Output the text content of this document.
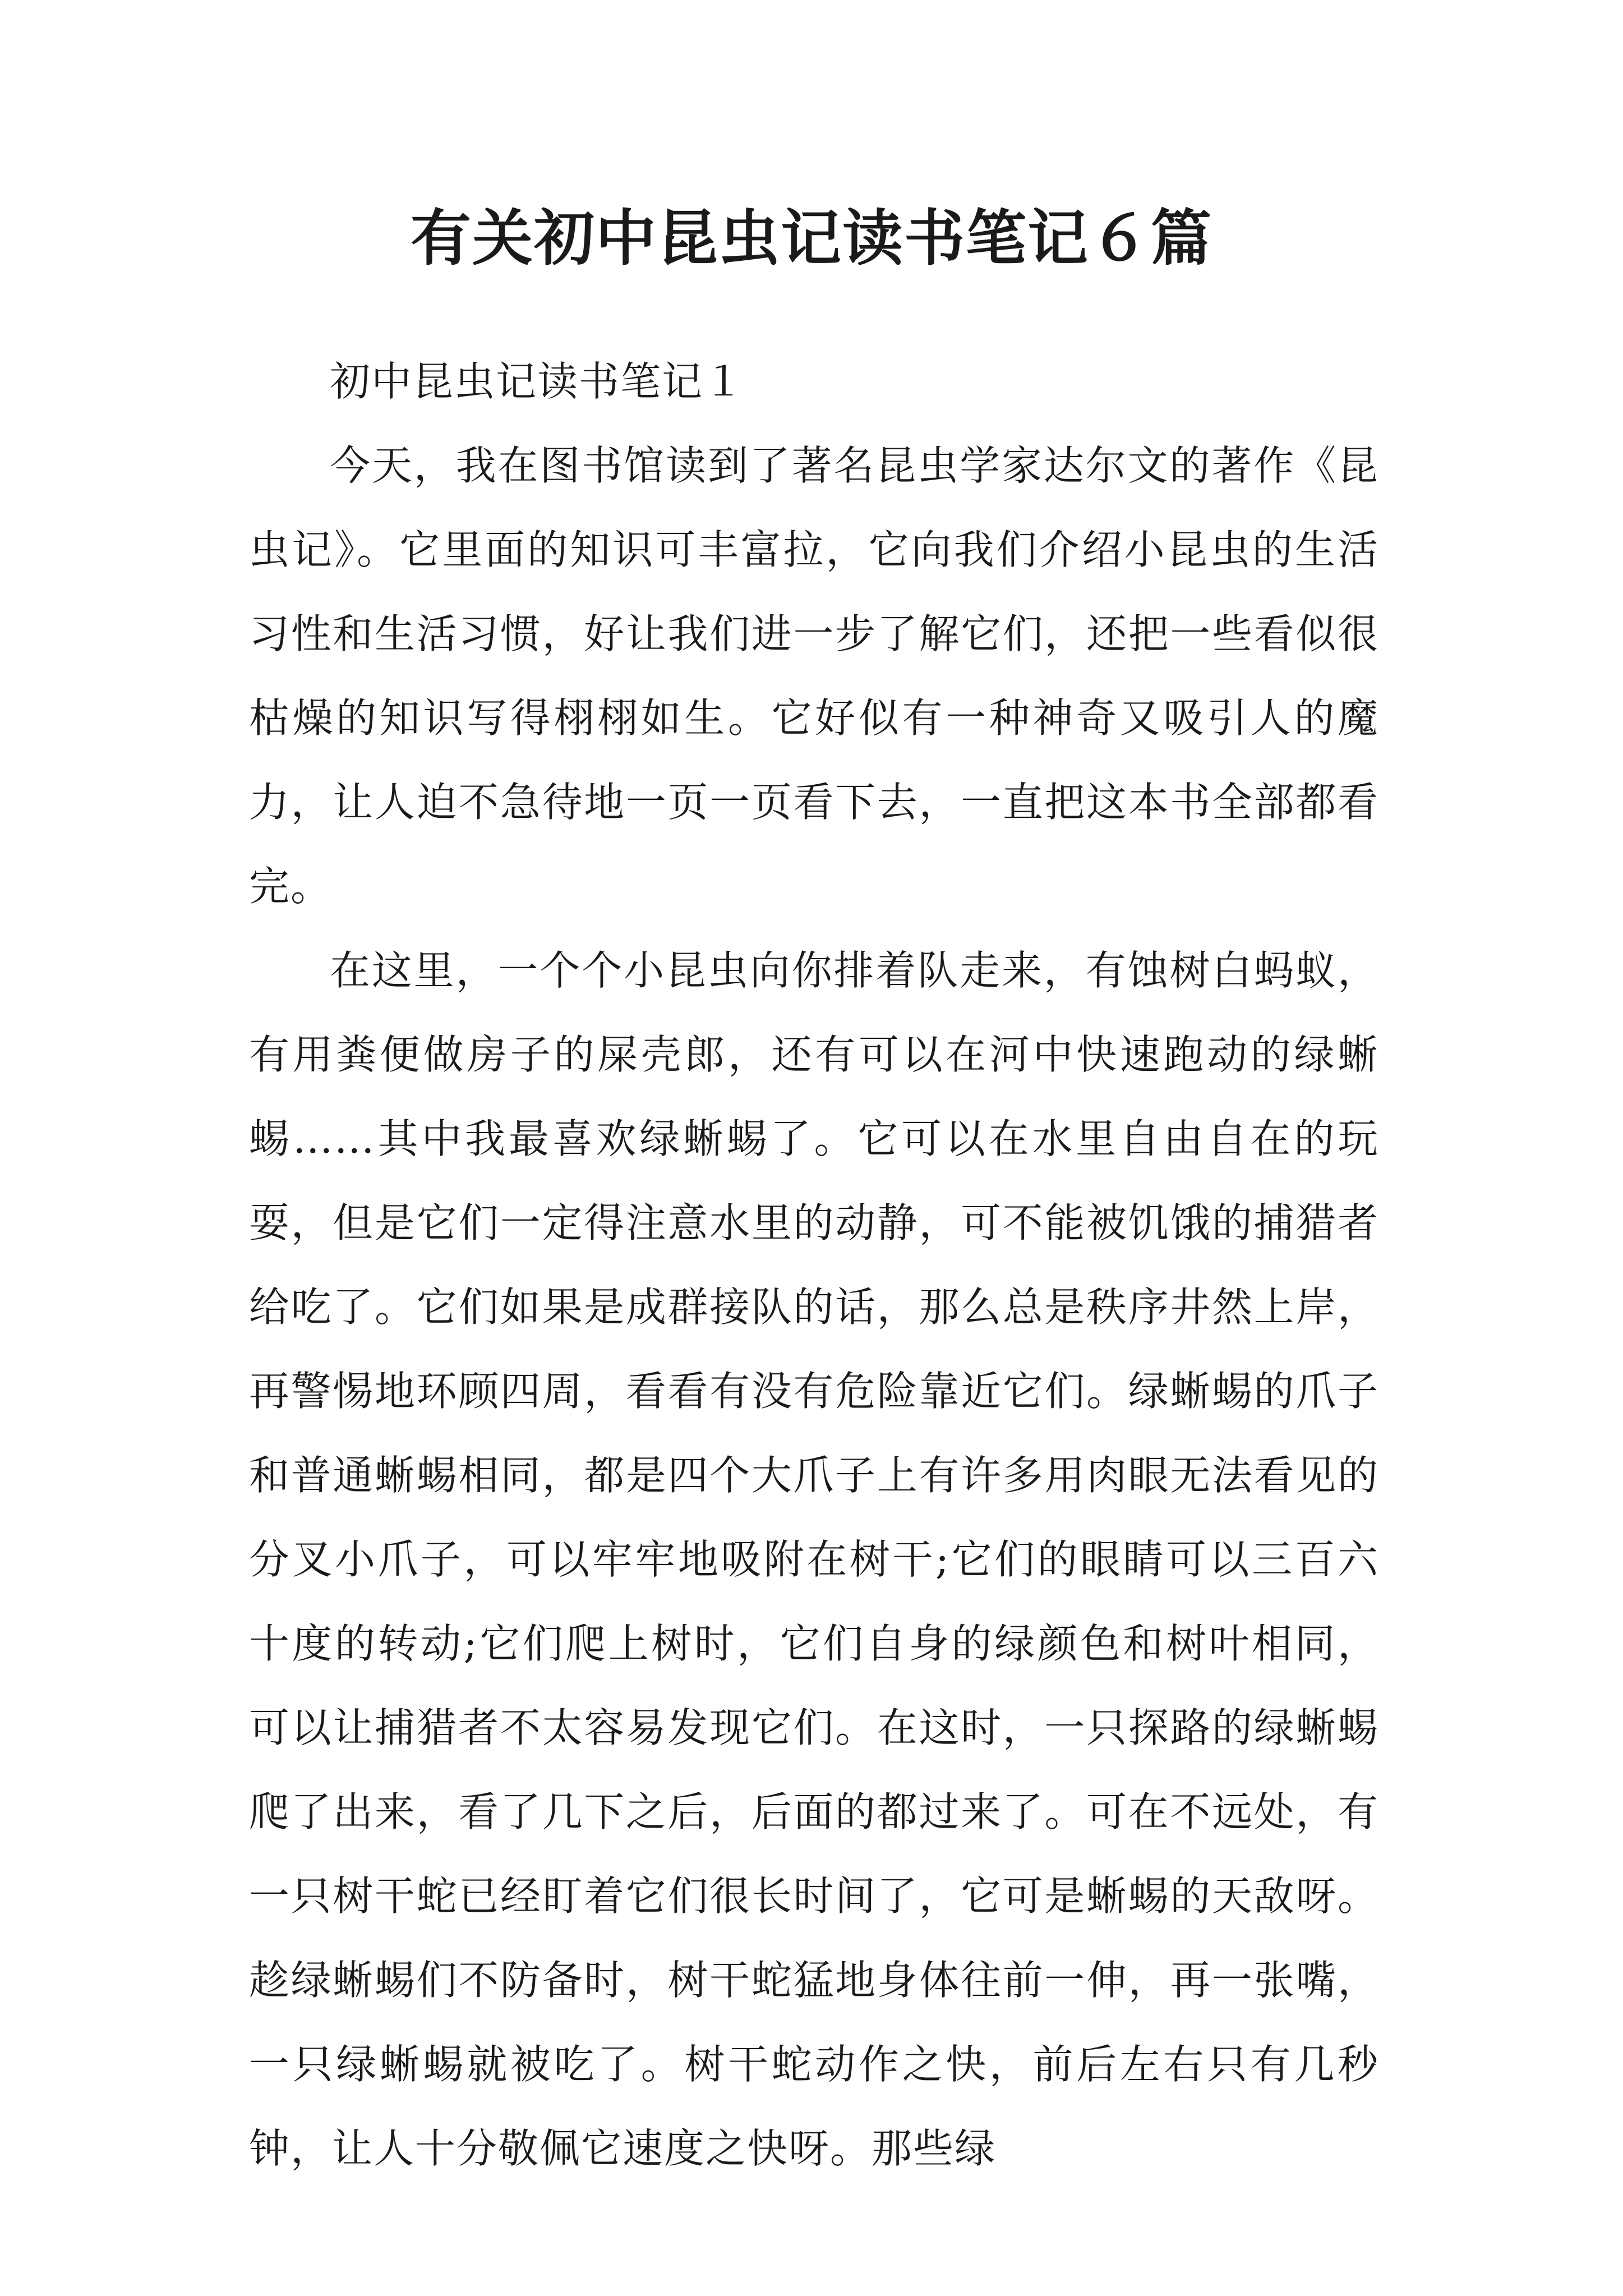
有关初中昆虫记读书笔记６篇

初中昆虫记读书笔记１

今天，我在图书馆读到了著名昆虫学家达尔文的著作《昆虫记》。它里面的知识可丰富拉，它向我们介绍小昆虫的生活习性和生活习惯，好让我们进一步了解它们，还把一些看似很枯燥的知识写得栩栩如生。它好似有一种神奇又吸引人的魔力，让人迫不急待地一页一页看下去，一直把这本书全部都看完。

在这里，一个个小昆虫向你排着队走来，有蚀树白蚂蚁，有用粪便做房子的屎壳郎，还有可以在河中快速跑动的绿蜥蜴……其中我最喜欢绿蜥蜴了。它可以在水里自由自在的玩耍，但是它们一定得注意水里的动静，可不能被饥饿的捕猎者给吃了。它们如果是成群接队的话，那么总是秩序井然上岸，再警惕地环顾四周，看看有没有危险靠近它们。绿蜥蜴的爪子和普通蜥蜴相同，都是四个大爪子上有许多用肉眼无法看见的分叉小爪子，可以牢牢地吸附在树干;它们的眼睛可以三百六十度的转动;它们爬上树时，它们自身的绿颜色和树叶相同，可以让捕猎者不太容易发现它们。在这时，一只探路的绿蜥蜴爬了出来，看了几下之后，后面的都过来了。可在不远处，有一只树干蛇已经盯着它们很长时间了，它可是蜥蜴的天敌呀。趁绿蜥蜴们不防备时，树干蛇猛地身体往前一伸，再一张嘴，一只绿蜥蜴就被吃了。树干蛇动作之快，前后左右只有几秒钟，让人十分敬佩它速度之快呀。那些绿
